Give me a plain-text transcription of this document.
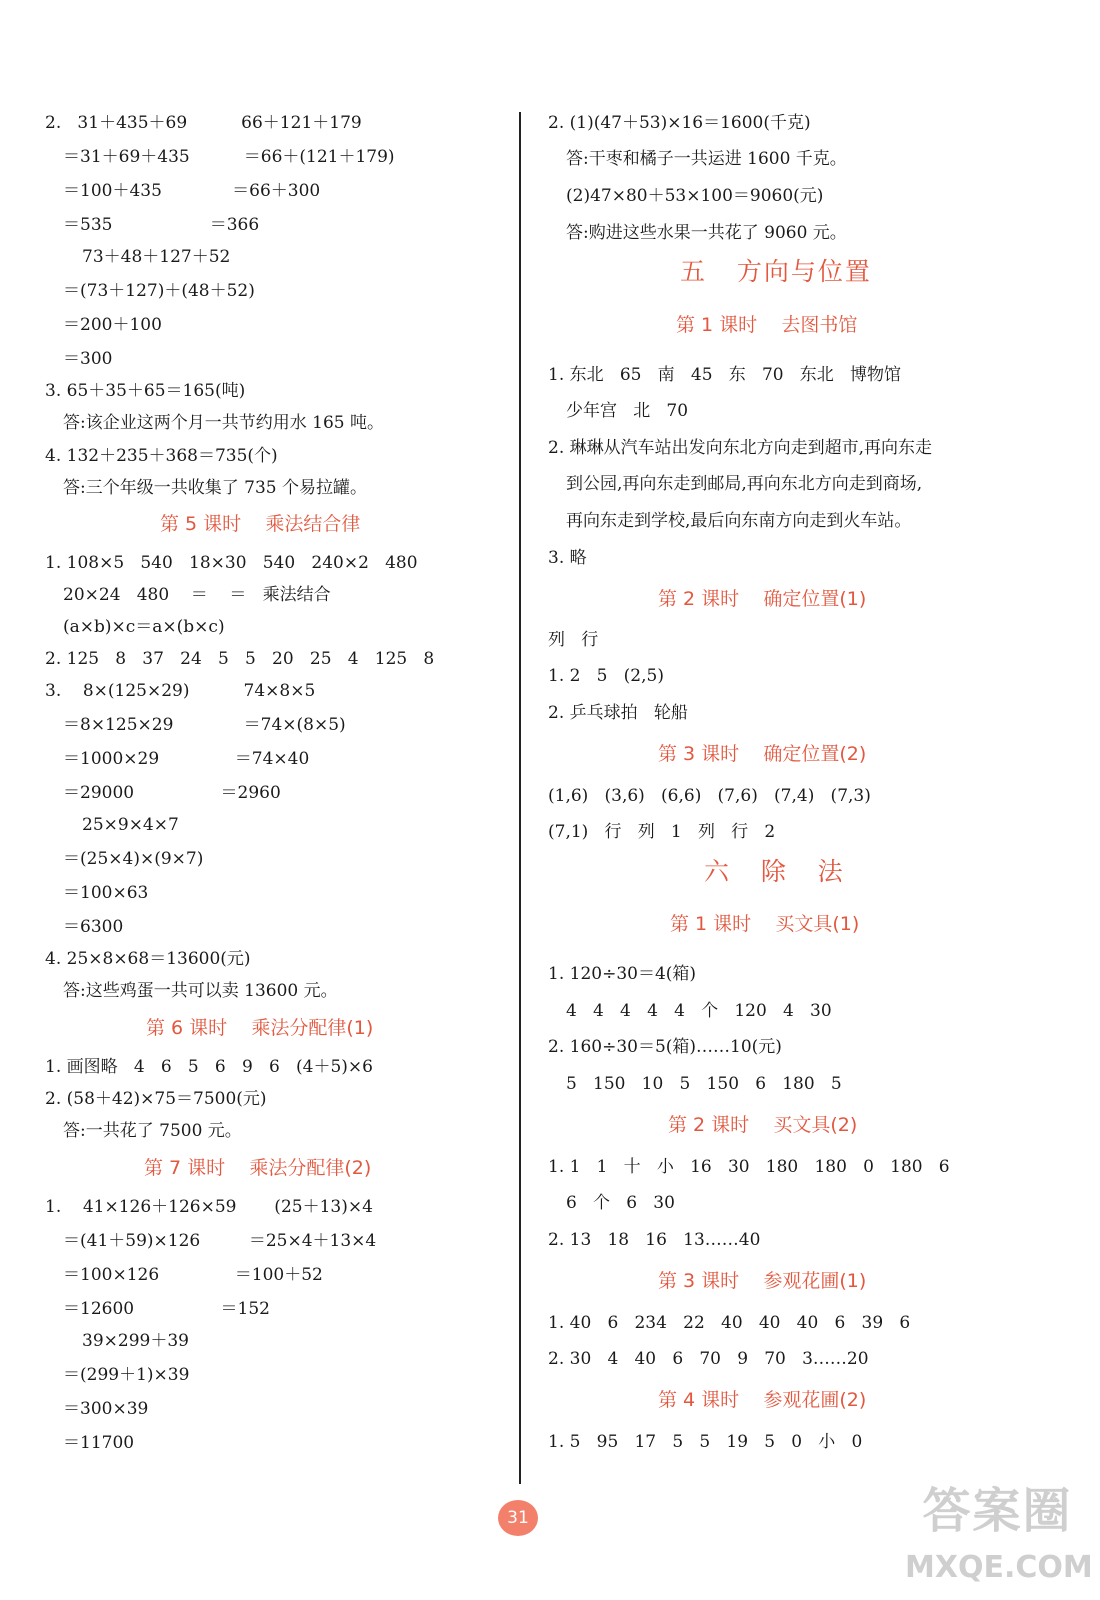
2.   31＋435＋69          66＋121＋179
＝31＋69＋435          ＝66＋(121＋179)
＝100＋435             ＝66＋300
＝535                  ＝366
73＋48＋127＋52
＝(73＋127)＋(48＋52)
＝200＋100
＝300
3. 65＋35＋65＝165(吨)
答:该企业这两个月一共节约用水 165 吨。
4. 132＋235＋368＝735(个)
答:三个年级一共收集了 735 个易拉罐。
1. 108×5   540   18×30   540   240×2   480
20×24   480    ＝    ＝   乘法结合
(a×b)×c＝a×(b×c)
2. 125   8   37   24   5   5   20   25   4   125   8
3.    8×(125×29)          74×8×5
＝8×125×29             ＝74×(8×5)
＝1000×29              ＝74×40
＝29000                ＝2960
25×9×4×7
＝(25×4)×(9×7)
＝100×63
＝6300
4. 25×8×68＝13600(元)
答:这些鸡蛋一共可以卖 13600 元。
1. 画图略   4   6   5   6   9   6   (4＋5)×6
2. (58＋42)×75＝7500(元)
答:一共花了 7500 元。
1.    41×126＋126×59       (25＋13)×4
＝(41＋59)×126         ＝25×4＋13×4
＝100×126              ＝100＋52
＝12600                ＝152
39×299＋39
＝(299＋1)×39
＝300×39
＝11700
第 5 课时    乘法结合律
第 6 课时    乘法分配律(1)
第 7 课时    乘法分配律(2)
2. (1)(47＋53)×16＝1600(千克)
答:干枣和橘子一共运进 1600 千克。
(2)47×80＋53×100＝9060(元)
答:购进这些水果一共花了 9060 元。
1. 东北   65   南   45   东   70   东北   博物馆
少年宫   北   70
2. 琳琳从汽车站出发向东北方向走到超市,再向东走
到公园,再向东走到邮局,再向东北方向走到商场,
再向东走到学校,最后向东南方向走到火车站。
3. 略
列   行
1. 2   5   (2,5)
2. 乒乓球拍   轮船
(1,6)   (3,6)   (6,6)   (7,6)   (7,4)   (7,3)
(7,1)   行   列   1   列   行   2
1. 120÷30＝4(箱)
4   4   4   4   4   个   120   4   30
2. 160÷30＝5(箱)……10(元)
5   150   10   5   150   6   180   5
1. 1   1   十   小   16   30   180   180   0   180   6
6   个   6   30
2. 13   18   16   13……40
1. 40   6   234   22   40   40   40   6   39   6
2. 30   4   40   6   70   9   70   3……20
1. 5   95   17   5   5   19   5   0   小   0
第 1 课时    去图书馆
第 2 课时    确定位置(1)
第 3 课时    确定位置(2)
第 1 课时    买文具(1)
第 2 课时    买文具(2)
第 3 课时    参观花圃(1)
第 4 课时    参观花圃(2)
五   方向与位置
六   除   法
31	答案圈
MXQE.COM
